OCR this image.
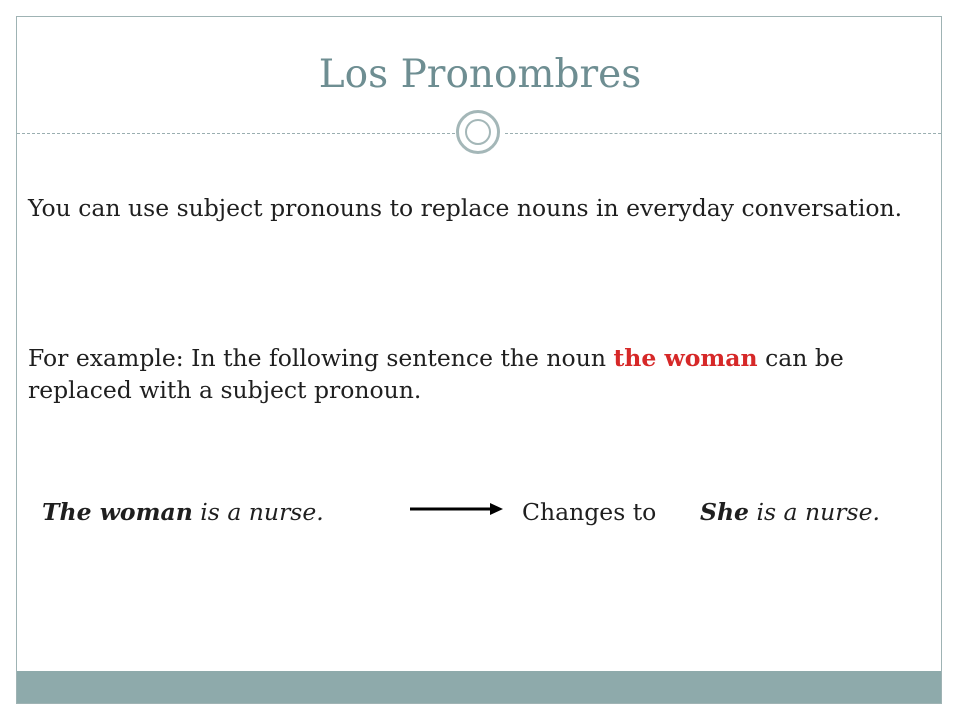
Los Pronombres
You can use subject pronouns to replace nouns in everyday conversation.
For example: In the following sentence the noun the woman can be replaced with a subject pronoun.
The woman is a nurse.	Changes to She is a nurse.
